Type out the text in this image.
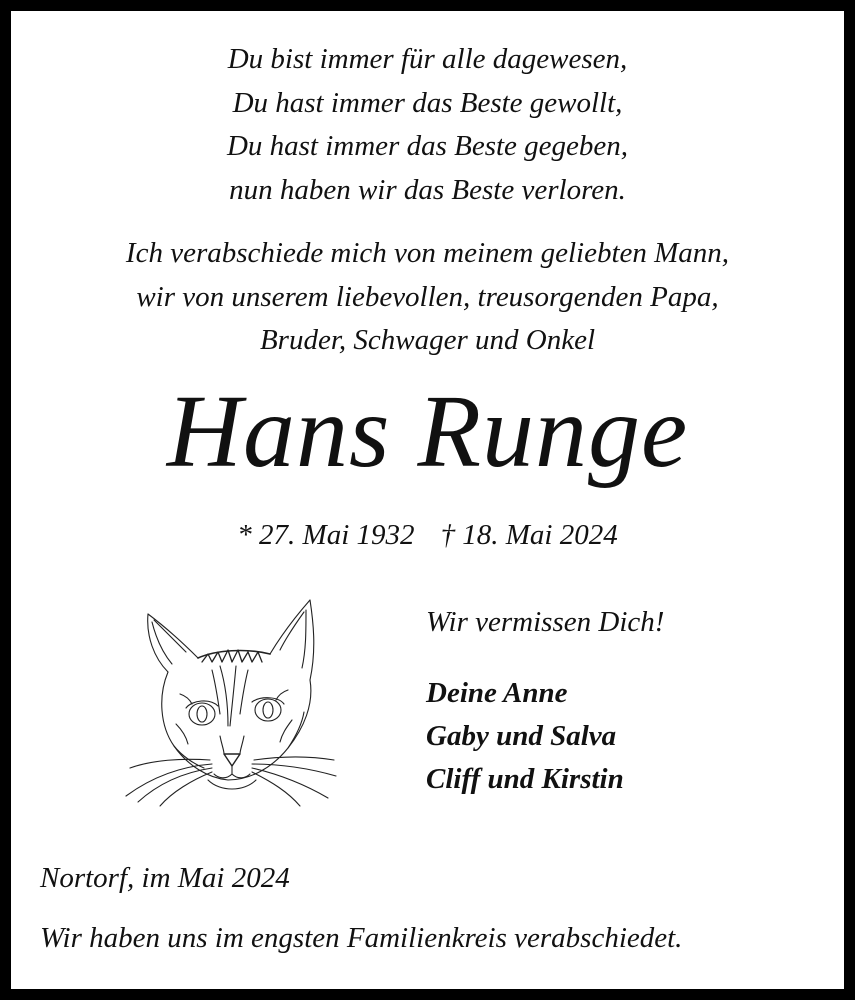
Du bist immer für alle dagewesen,
Du hast immer das Beste gewollt,
Du hast immer das Beste gegeben,
nun haben wir das Beste verloren.
Ich verabschiede mich von meinem geliebten Mann,
wir von unserem liebevollen, treusorgenden Papa,
Bruder, Schwager und Onkel
Hans Runge
* 27. Mai 1932 † 18. Mai 2024
Wir vermissen Dich!
Deine Anne
Gaby und Salva
Cliff und Kirstin
Nortorf, im Mai 2024
Wir haben uns im engsten Familienkreis verabschiedet.
